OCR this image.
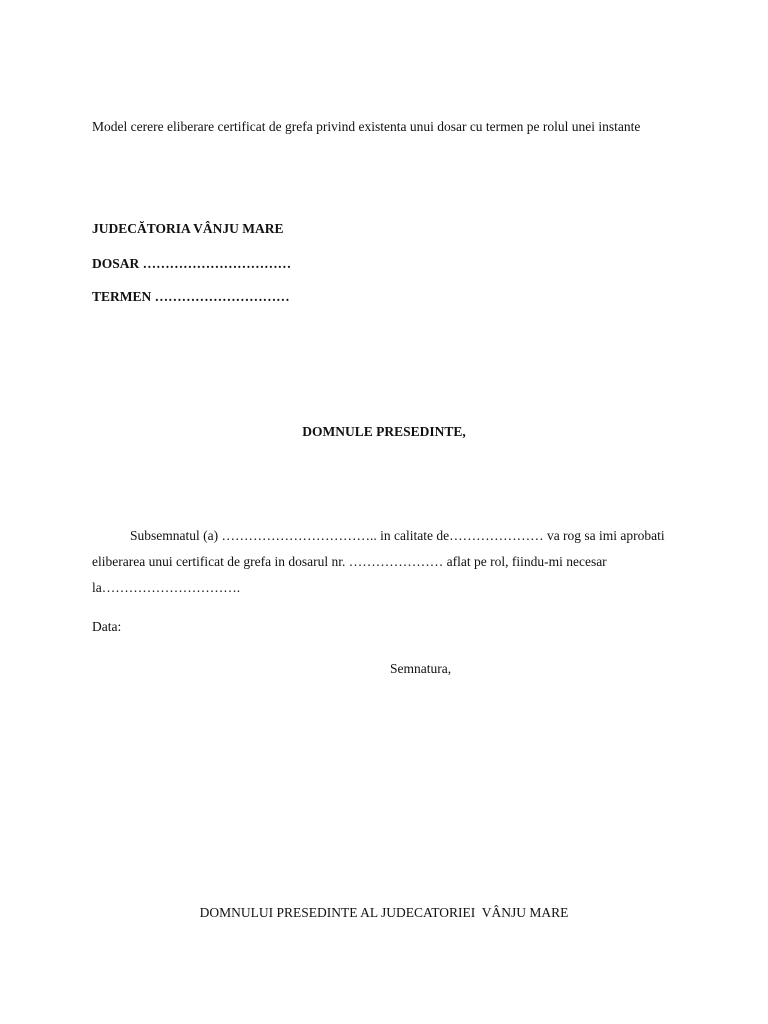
Model cerere eliberare certificat de grefa privind existenta unui dosar cu termen pe rolul unei instante
JUDECĂTORIA VÂNJU MARE
DOSAR ……………………………
TERMEN …………………………
DOMNULE PRESEDINTE,
Subsemnatul (a) …………………………….. in calitate de………………… va rog sa imi aprobati eliberarea unui certificat de grefa in dosarul nr. ………………… aflat pe rol, fiindu-mi necesar la………………………….
Data:
Semnatura,
DOMNULUI PRESEDINTE AL JUDECATORIEI  VÂNJU MARE
